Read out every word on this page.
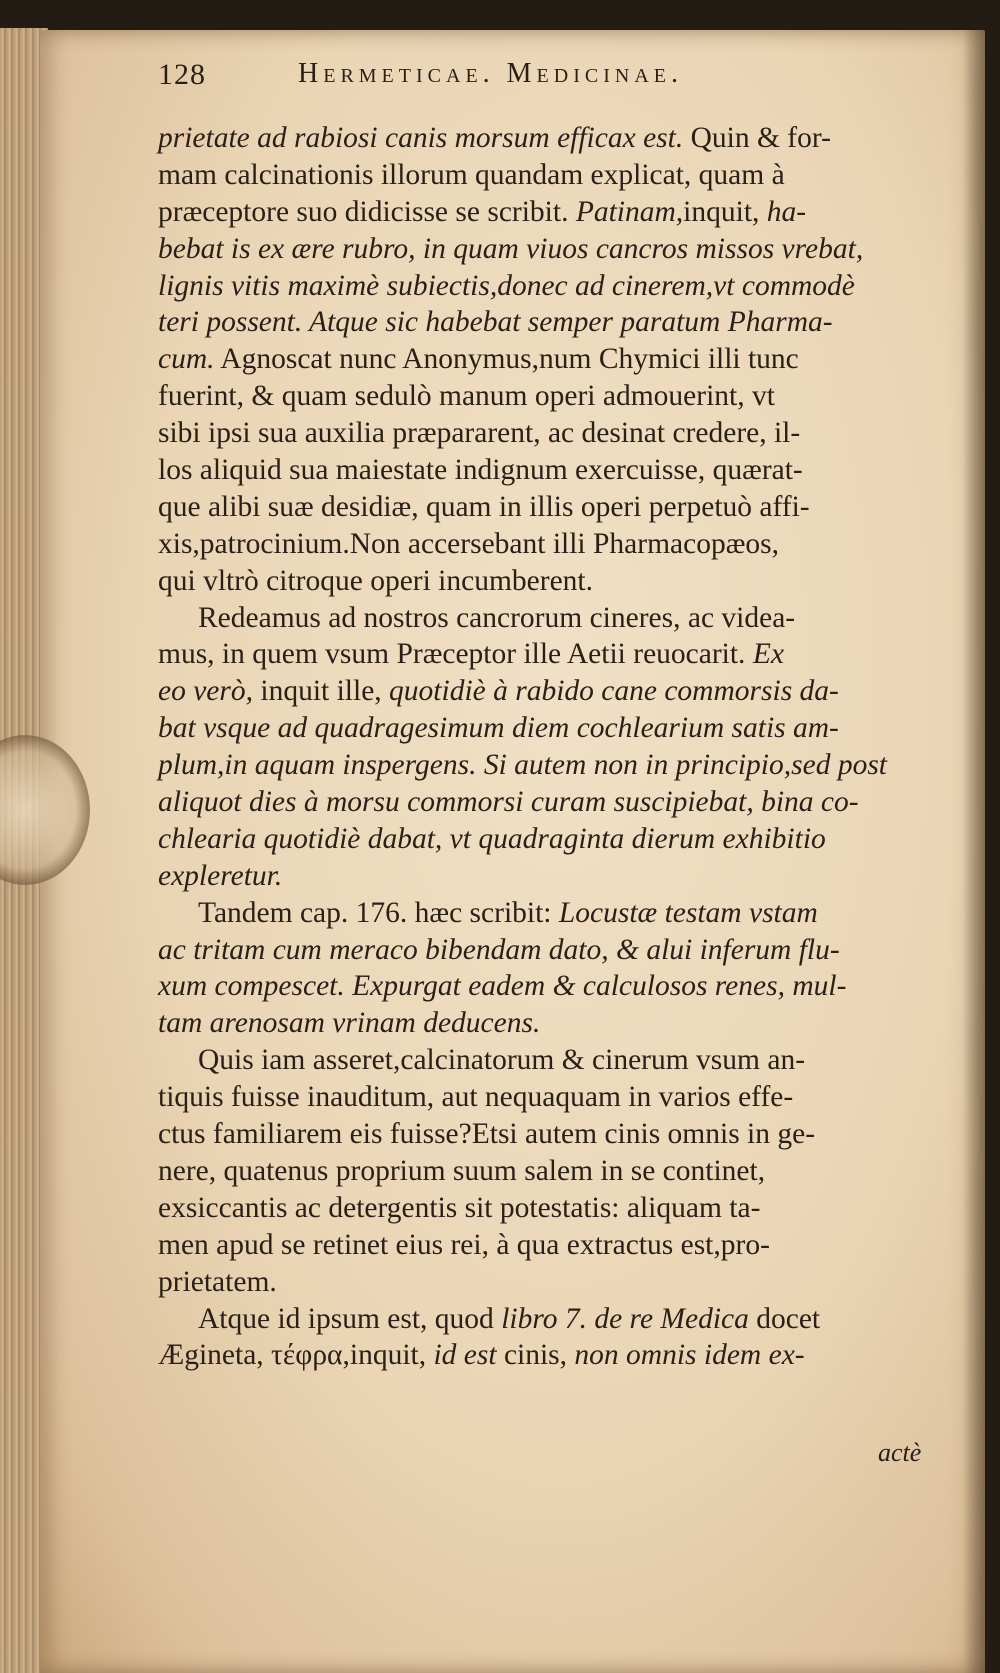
128	Hermeticae. Medicinae.
prietate ad rabiosi canis morsum efficax est. Quin & for-
mam calcinationis illorum quandam explicat, quam à
præceptore suo didicisse se scribit. Patinam,inquit, ha-
bebat is ex ære rubro, in quam viuos cancros missos vrebat,
lignis vitis maximè subiectis,donec ad cinerem,vt commodè
teri possent. Atque sic habebat semper paratum Pharma-
cum. Agnoscat nunc Anonymus,num Chymici illi tunc
fuerint, & quam sedulò manum operi admouerint, vt
sibi ipsi sua auxilia præpararent, ac desinat credere, il-
los aliquid sua maiestate indignum exercuisse, quærat-
que alibi suæ desidiæ, quam in illis operi perpetuò affi-
xis,patrocinium.Non accersebant illi Pharmacopæos,
qui vltrò citroque operi incumberent.
Redeamus ad nostros cancrorum cineres, ac videa-
mus, in quem vsum Præceptor ille Aetii reuocarit. Ex
eo verò, inquit ille, quotidiè à rabido cane commorsis da-
bat vsque ad quadragesimum diem cochlearium satis am-
plum,in aquam inspergens. Si autem non in principio,sed post
aliquot dies à morsu commorsi curam suscipiebat, bina co-
chlearia quotidiè dabat, vt quadraginta dierum exhibitio
expleretur.
Tandem cap. 176. hæc scribit: Locustæ testam vstam
ac tritam cum meraco bibendam dato, & alui inferum flu-
xum compescet. Expurgat eadem & calculosos renes, mul-
tam arenosam vrinam deducens.
Quis iam asseret,calcinatorum & cinerum vsum an-
tiquis fuisse inauditum, aut nequaquam in varios effe-
ctus familiarem eis fuisse?Etsi autem cinis omnis in ge-
nere, quatenus proprium suum salem in se continet,
exsiccantis ac detergentis sit potestatis: aliquam ta-
men apud se retinet eius rei, à qua extractus est,pro-
prietatem.
Atque id ipsum est, quod libro 7. de re Medica docet
Ægineta, τέφρα,inquit, id est cinis, non omnis idem ex-
actè
